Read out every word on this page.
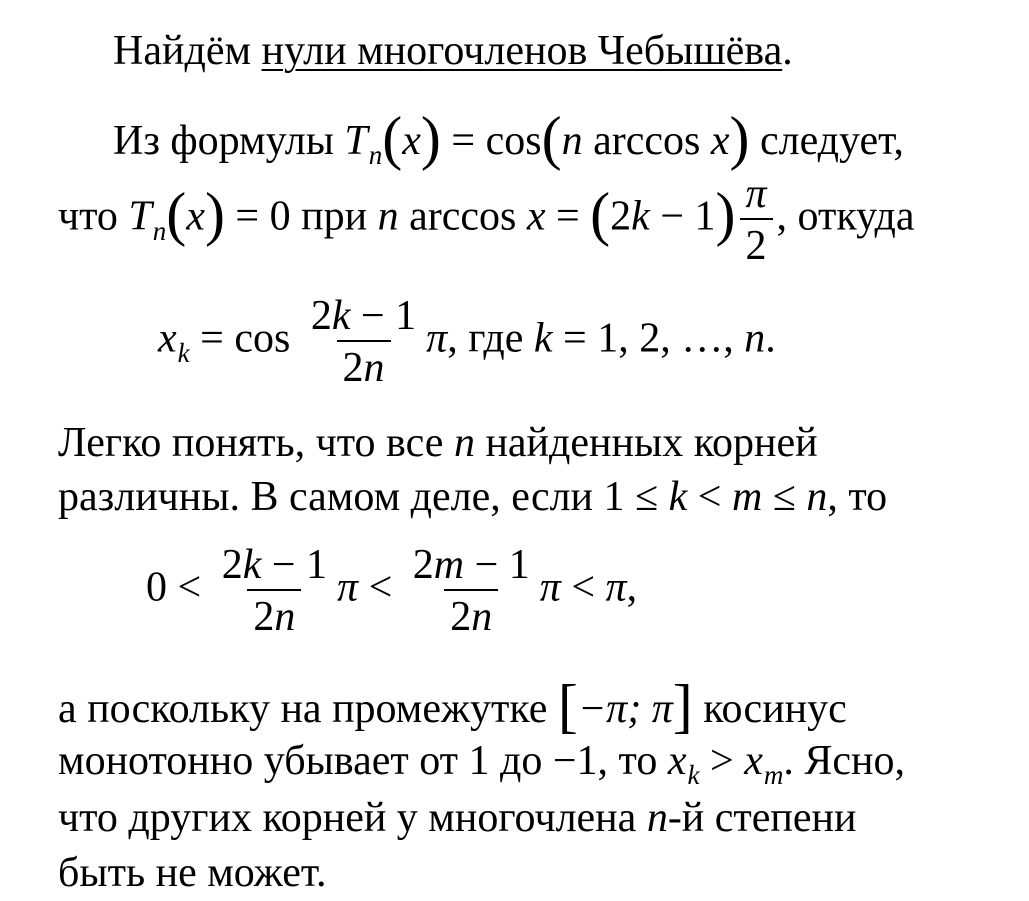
Найдём нули многочленов Чебышёва.
Из формулы $T_n(x) = \cos(n$ arccos x) следует,
что $T_n(x) = 0$ при n $\arccos x = (2k - 1) \frac{\pi}{2}$ , откуда
$x_k = \cos \frac{2k - 1}{2n} \pi$, где k = 1, 2, …, n.
Легко понять, что все n найденных корней
различны. В самом деле, если 1 ≤ k < m ≤ n, то
$0 < \frac{2k - 1}{2n}$ $\pi < \frac{2m - 1}{2n}$ π < π,
а поскольку на промежутке [−π; π] косинус
монотонно убывает от 1 до −1, то $x_k > x_m$. Ясно,
что других корней у многочлена n-й степени
быть не может.
